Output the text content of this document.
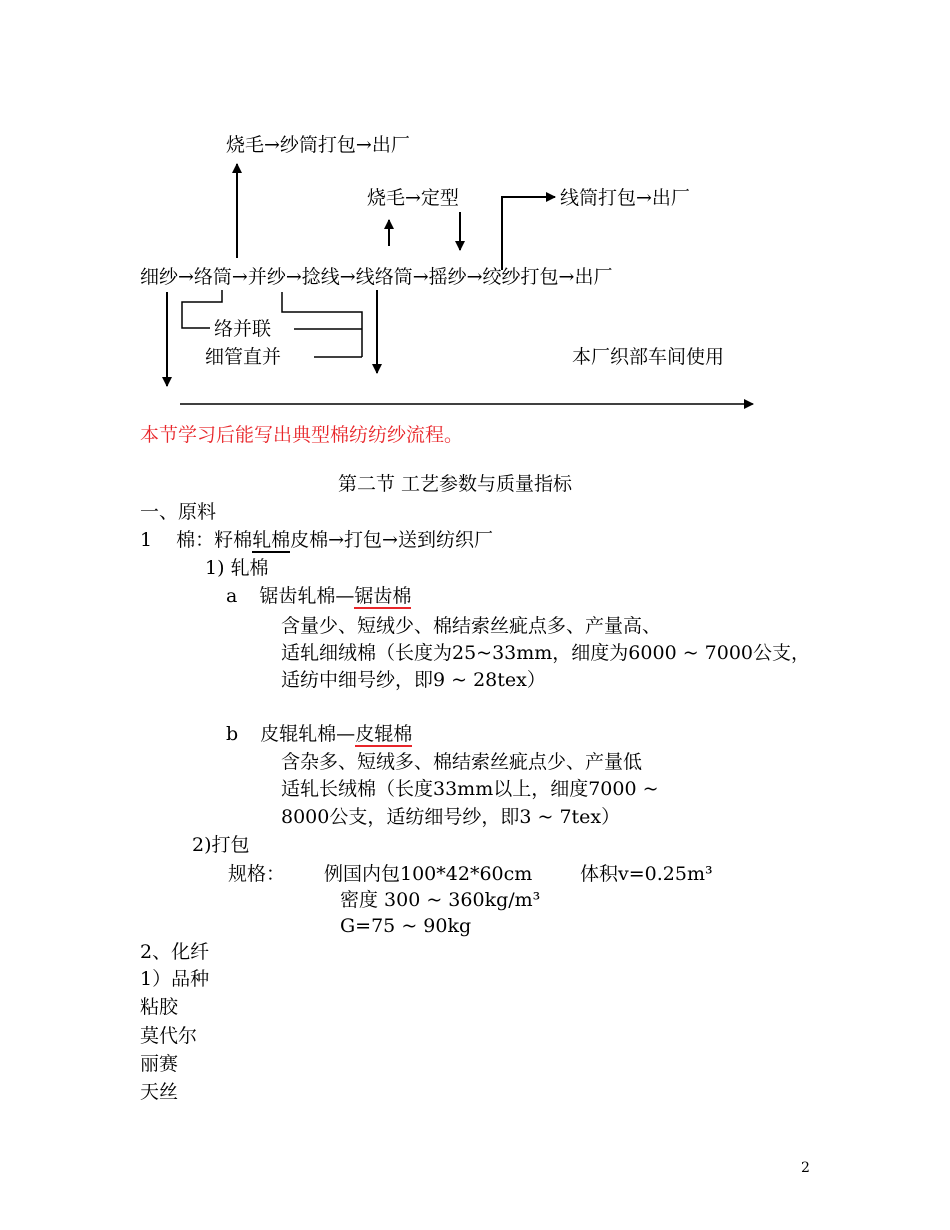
烧毛→纱筒打包→出厂
烧毛→定型	线筒打包→出厂
细纱→络筒→并纱→捻线→线络筒→摇纱→绞纱打包→出厂
络并联
细管直并	本厂织部车间使用
本节学习后能写出典型棉纺纺纱流程。
第二节 工艺参数与质量指标
一、原料
1 棉：籽棉轧棉皮棉→打包→送到纺织厂
1) 轧棉
a 锯齿轧棉—锯齿棉
含量少、短绒少、棉结索丝疵点多、产量高、
适轧细绒棉（长度为25~33mm，细度为6000 ~ 7000公支，
适纺中细号纱，即9 ~ 28tex）
b 皮辊轧棉—皮辊棉
含杂多、短绒多、棉结索丝疵点少、产量低
适轧长绒棉（长度33mm以上，细度7000 ~
8000公支，适纺细号纱，即3 ~ 7tex）
2)打包
规格： 例国内包100*42*60cm	体积v=0.25m³
密度 300 ~ 360kg/m³
G=75 ~ 90kg
2、化纤
1）品种
粘胶
莫代尔
丽赛
天丝
2
